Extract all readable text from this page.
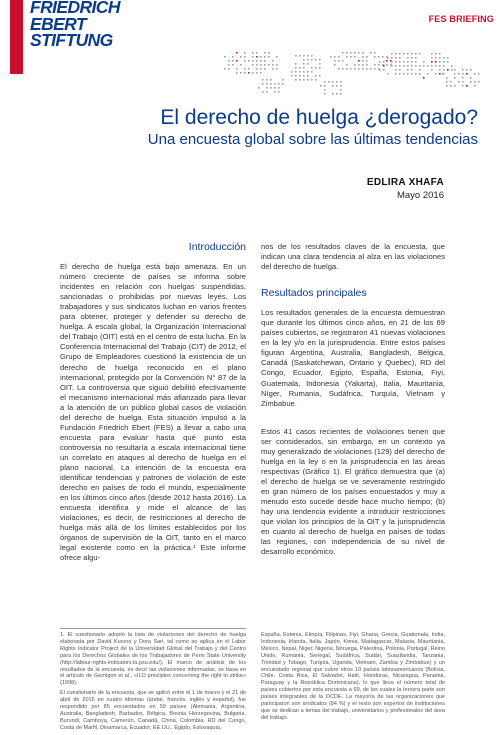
FRIEDRICH
EBERT
STIFTUNG
FES BRIEFING
El derecho de huelga ¿derogado?
Una encuesta global sobre las últimas tendencias
EDLIRA XHAFA
Mayo 2016
Introducción

El derecho de huelga está bajo amenaza. En un número creciente de países se informa sobre incidentes en relación con huelgas suspendidas, sancionadas o prohibidas por nuevas leyes. Los trabajadores y sus sindicatos luchan en varios frentes para obtener, proteger y defender su derecho de huelga. A escala global, la Organización Internacional del Trabajo (OIT) está en el centro de esta lucha. En la Conferencia Internacional del Trabajo (CIT) de 2012, el Grupo de Empleadores cuestionó la existencia de un derecho de huelga reconocido en el plano internacional, protegido por la Convención N° 87 de la OIT. La controversia que siguió debilitó efectivamente el mecanismo internacional más afianzado para llevar a la atención de un público global casos de violación del derecho de huelga. Esta situación impulsó a la Fundación Friedrich Ebert (FES) a llevar a cabo una encuesta para evaluar hasta qué punto esta controversia no resultaría a escala internacional tiene un correlato en ataques al derecho de huelga en el plano nacional. La intención de la encuesta era identificar tendencias y patrones de violación de este derecho en países de todo el mundo, especialmente en los últimos cinco años (desde 2012 hasta 2016). La encuesta identifica y mide el alcance de las violaciones, es decir, de restricciones al derecho de huelga más allá de los límites establecidos por los órganos de supervisión de la OIT, tanto en el marco legal existente como en la práctica.¹ Este informe ofrece algu-

nos de los resultados claves de la encuesta, que indican una clara tendencia al alza en las violaciones del derecho de huelga.

Resultados principales

Los resultados generales de la encuesta demuestran que durante los últimos cinco años, en 21 de los 69 países cubiertos, se registraron 41 nuevas violaciones en la ley y/o en la jurisprudencia. Entre estos países figuran Argentina, Australia, Bangladesh, Bélgica, Canadá (Saskatchewan, Ontario y Quebec), RD del Congo, Ecuador, Egipto, España, Estonia, Fiyi, Guatemala, Indonesia (Yakarta), Italia, Mauritania, Níger, Rumania, Sudáfrica, Turquía, Vietnam y Zimbabue.

Estos 41 casos recientes de violaciones tienen que ser considerados, sin embargo, en un contexto ya muy generalizado de violaciones (129) del derecho de huelga en la ley o en la jurisprudencia en las áreas respectivas (Gráfico 1). El gráfico demuestra que (a) el derecho de huelga se ve severamente restringido en gran número de los países encuestados y muy a menudo esto sucede desde hace mucho tiempo; (b) hay una tendencia evidente a introducir restricciones que violan los principios de la OIT y la jurisprudencia en cuanto al derecho de huelga en países de todas las regiones, con independencia de su nivel de desarrollo económico.

1. El cuestionario adoptó la lista de violaciones del derecho de huelga elaborada por David Kucera y Dora Sari, tal como se aplica en el Labor Rights Indicator Project de la Universidad Global del Trabajo y del Centro para los Derechos Globales de los Trabajadores de Penn State University (http://labour-rights-indicators.la.psu.edu/). El marco de análisis de los resultados de la encuesta, es decir las violaciones informadas, se basa en el artículo de Gernigon et al., «ILO principles concerning the right to strike» (1998).

El cuestionario de la encuesta, que se aplicó entre el 1 de marzo y el 21 de abril de 2016 en cuatro idiomas (árabe, francés, inglés y español), fue respondido por 85 encuestados en 59 países (Alemania, Argentina, Australia, Bangladesh, Barbados, Bélgica, Bosnia Herzegovina, Bulgaria, Burundi, Camboya, Camerún, Canadá, China, Colombia, RD del Congo, Costa de Marfil, Dinamarca, Ecuador, EE.UU., Egipto, Eslovaquia,

España, Estonia, Etiopía, Filipinas, Fiyi, Ghana, Grecia, Guatemala, India, Indonesia, Irlanda, Italia, Japón, Kenia, Madagascar, Malasia, Mauritania, México, Nepal, Níger, Nigeria, Noruega, Palestina, Polonia, Portugal, Reino Unido, Rumania, Senegal, Sudáfrica, Sudán, Suazilandia, Tanzania, Trinidad y Tobago, Turquía, Uganda, Vietnam, Zambia y Zimbabue) y un encuestado regional que cubre otros 10 países latinoamericanos (Bolivia, Chile, Costa Rica, El Salvador, Haití, Honduras, Nicaragua, Panamá, Paraguay y la República Dominicana), lo que lleva el número total de países cubiertos por esta encuesta a 69, de los cuales la tercera parte son países integrantes de la OCDE. La mayoría de las organizaciones que participaron son sindicatos (84 %) y el resto son expertos de instituciones que se dedican a temas del trabajo, universitarios y profesionales del área del trabajo.
